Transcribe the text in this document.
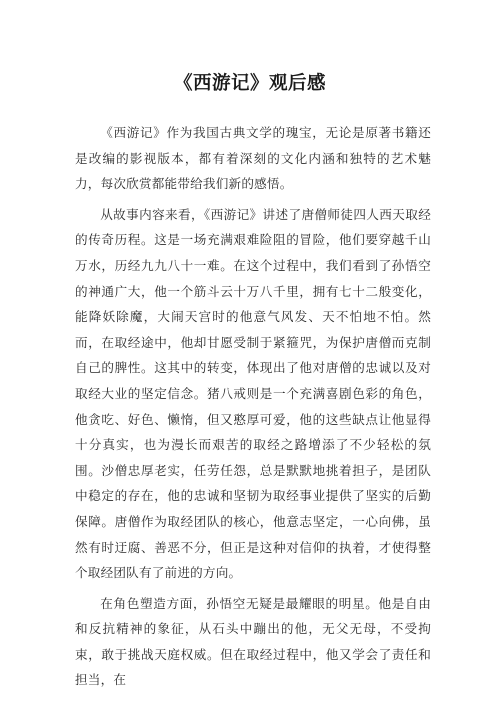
《西游记》观后感

《西游记》作为我国古典文学的瑰宝，无论是原著书籍还是改编的影视版本，都有着深刻的文化内涵和独特的艺术魅力，每次欣赏都能带给我们新的感悟。

从故事内容来看，《西游记》讲述了唐僧师徒四人西天取经的传奇历程。这是一场充满艰难险阻的冒险，他们要穿越千山万水，历经九九八十一难。在这个过程中，我们看到了孙悟空的神通广大，他一个筋斗云十万八千里，拥有七十二般变化，能降妖除魔，大闹天宫时的他意气风发、天不怕地不怕。然而，在取经途中，他却甘愿受制于紧箍咒，为保护唐僧而克制自己的脾性。这其中的转变，体现出了他对唐僧的忠诚以及对取经大业的坚定信念。猪八戒则是一个充满喜剧色彩的角色，他贪吃、好色、懒惰，但又憨厚可爱，他的这些缺点让他显得十分真实，也为漫长而艰苦的取经之路增添了不少轻松的氛围。沙僧忠厚老实，任劳任怨，总是默默地挑着担子，是团队中稳定的存在，他的忠诚和坚韧为取经事业提供了坚实的后勤保障。唐僧作为取经团队的核心，他意志坚定，一心向佛，虽然有时迂腐、善恶不分，但正是这种对信仰的执着，才使得整个取经团队有了前进的方向。

在角色塑造方面，孙悟空无疑是最耀眼的明星。他是自由和反抗精神的象征，从石头中蹦出的他，无父无母，不受拘束，敢于挑战天庭权威。但在取经过程中，他又学会了责任和担当，在
